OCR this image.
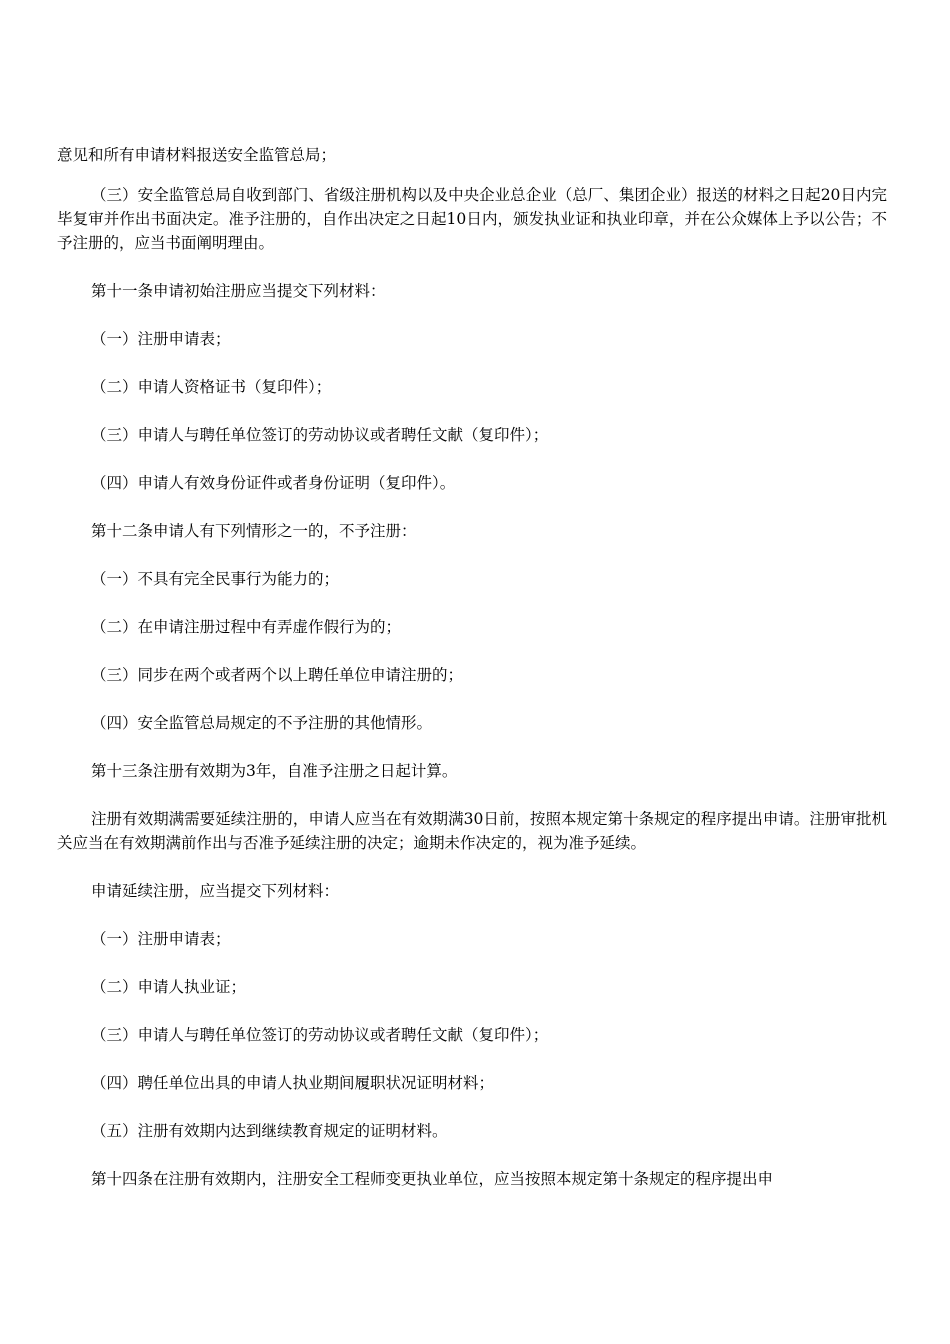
意见和所有申请材料报送安全监管总局；

（三）安全监管总局自收到部门、省级注册机构以及中央企业总企业（总厂、集团企业）报送的材料之日起20日内完毕复审并作出书面决定。准予注册的，自作出决定之日起10日内，颁发执业证和执业印章，并在公众媒体上予以公告；不予注册的，应当书面阐明理由。

第十一条申请初始注册应当提交下列材料：

（一）注册申请表；

（二）申请人资格证书（复印件）；

（三）申请人与聘任单位签订的劳动协议或者聘任文献（复印件）；

（四）申请人有效身份证件或者身份证明（复印件）。

第十二条申请人有下列情形之一的，不予注册：

（一）不具有完全民事行为能力的；

（二）在申请注册过程中有弄虚作假行为的；

（三）同步在两个或者两个以上聘任单位申请注册的；

（四）安全监管总局规定的不予注册的其他情形。

第十三条注册有效期为3年，自准予注册之日起计算。

注册有效期满需要延续注册的，申请人应当在有效期满30日前，按照本规定第十条规定的程序提出申请。注册审批机关应当在有效期满前作出与否准予延续注册的决定；逾期未作决定的，视为准予延续。

申请延续注册，应当提交下列材料：

（一）注册申请表；

（二）申请人执业证；

（三）申请人与聘任单位签订的劳动协议或者聘任文献（复印件）；

（四）聘任单位出具的申请人执业期间履职状况证明材料；

（五）注册有效期内达到继续教育规定的证明材料。

第十四条在注册有效期内，注册安全工程师变更执业单位，应当按照本规定第十条规定的程序提出申
